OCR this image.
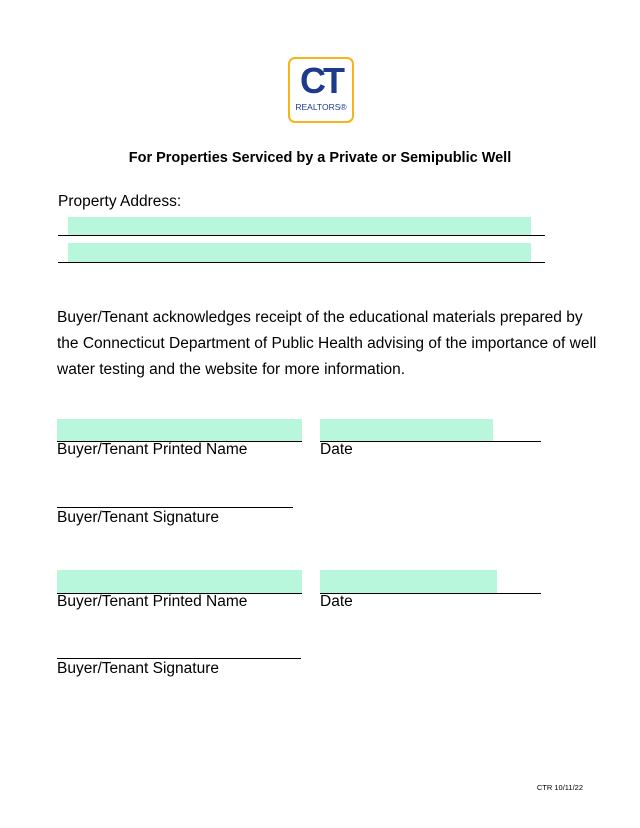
CT
REALTORS®
For Properties Serviced by a Private or Semipublic Well
Property Address:
Buyer/Tenant acknowledges receipt of the educational materials prepared by the Connecticut Department of Public Health advising of the importance of well water testing and the website for more information.
Buyer/Tenant Printed Name	Date
Buyer/Tenant Signature
Buyer/Tenant Printed Name	Date
Buyer/Tenant Signature
CTR 10/11/22
